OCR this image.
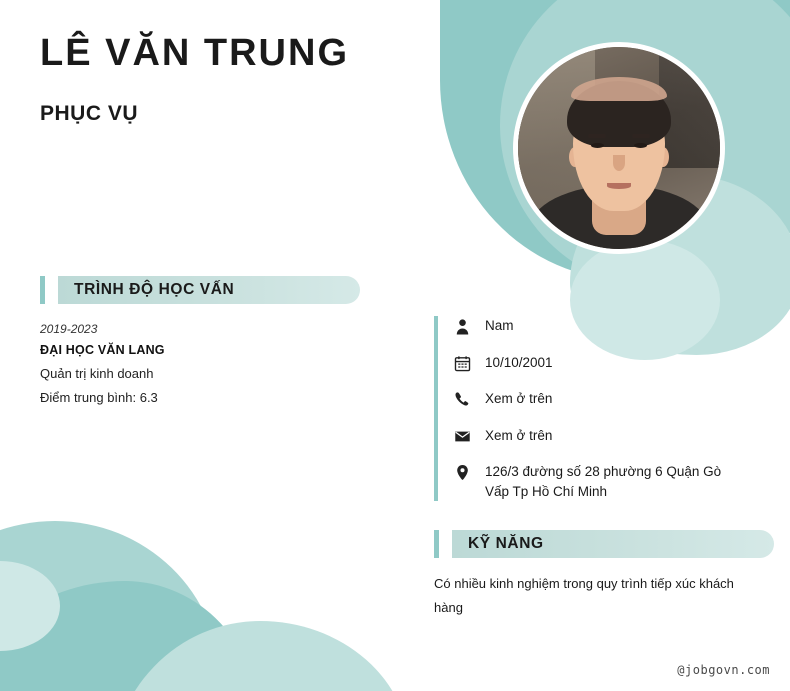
LÊ VĂN TRUNG
PHỤC VỤ
TRÌNH ĐỘ HỌC VẤN
2019-2023
ĐẠI HỌC VĂN LANG
Quản trị kinh doanh
Điểm trung bình: 6.3
Nam
10/10/2001
Xem ở trên
Xem ở trên
126/3 đường số 28 phường 6 Quận Gò Vấp Tp Hồ Chí Minh
KỸ NĂNG
Có nhiều kinh nghiệm trong quy trình tiếp xúc khách hàng
@jobgovn.com
